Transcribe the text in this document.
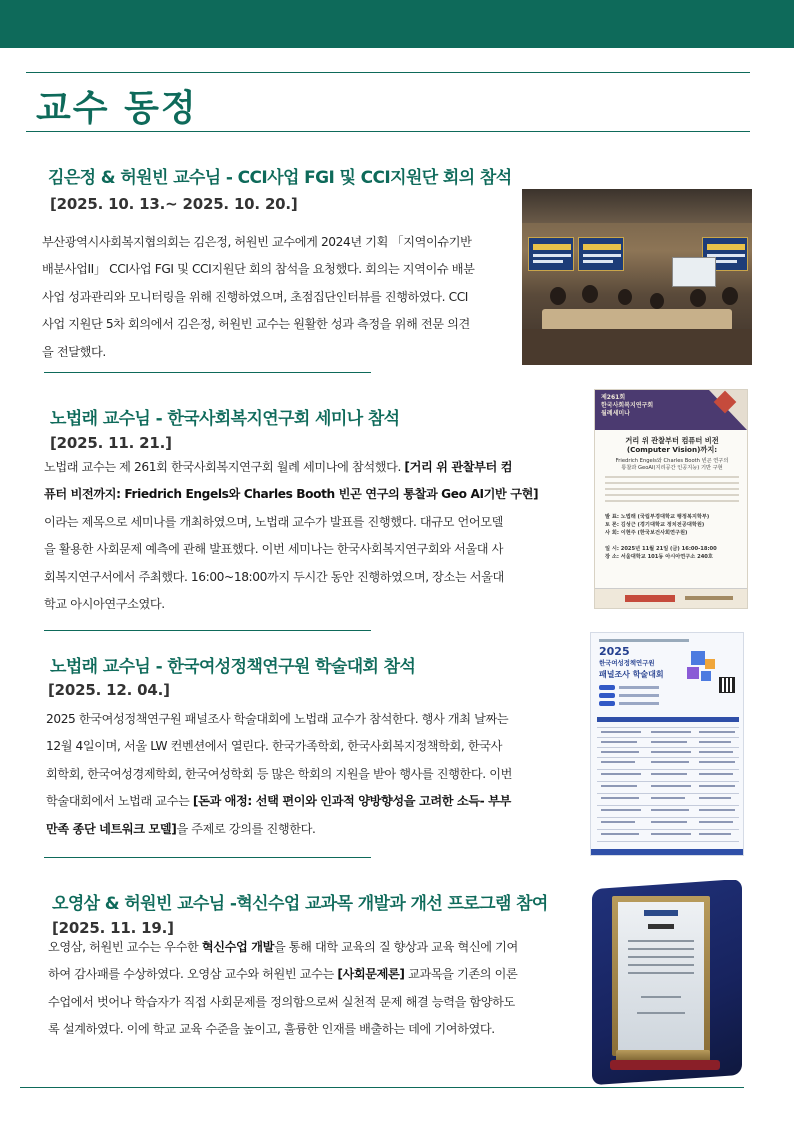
교수 동정
김은정 & 허원빈 교수님 - CCI사업 FGI 및 CCI지원단 회의 참석
[2025. 10. 13.~ 2025. 10. 20.]
부산광역시사회복지협의회는 김은정, 허원빈 교수에게 2024년 기획 「지역이슈기반
배분사업II」 CCI사업 FGI 및 CCI지원단 회의 참석을 요청했다. 회의는 지역이슈 배분
사업 성과관리와 모니터링을 위해 진행하였으며, 초점집단인터뷰를 진행하였다. CCI
사업 지원단 5차 회의에서 김은정, 허원빈 교수는 원활한 성과 측정을 위해 전문 의견
을 전달했다.
노법래 교수님 - 한국사회복지연구회 세미나 참석
[2025. 11. 21.]
노법래 교수는 제 261회 한국사회복지연구회 월례 세미나에 참석했다. [거리 위 관찰부터 컴
퓨터 비전까지: Friedrich Engels와 Charles Booth 빈곤 연구의 통찰과 Geo AI기반 구현]
이라는 제목으로 세미나를 개최하였으며, 노법래 교수가 발표를 진행했다. 대규모 언어모델
을 활용한 사회문제 예측에 관해 발표했다. 이번 세미나는 한국사회복지연구회와 서울대 사
회복지연구서에서 주최했다. 16:00~18:00까지 두시간 동안 진행하였으며, 장소는 서울대
학교 아시아연구소였다.
제261회
한국사회복지연구회
월례세미나
거리 위 관찰부터 컴퓨터 비전
(Computer Vision)까지:
Friedrich Engels와 Charles Booth 빈곤 연구의
통찰과 GeoAI(지리공간 인공지능) 기반 구현
발 표: 노법래 (국립부경대학교 행정복지학부)
토 론: 김성근 (경기대학교 정치전공대학원)
사 회: 이현주 (한국보건사회연구원)
일 시: 2025년 11월 21일 (금) 16:00-18:00
장 소: 서울대학교 101동 아시아연구소 240호
노법래 교수님 - 한국여성정책연구원 학술대회 참석
[2025. 12. 04.]
2025 한국여성정책연구원 패널조사 학술대회에 노법래 교수가 참석한다. 행사 개최 날짜는
12월 4일이며, 서울 LW 컨벤션에서 열린다. 한국가족학회, 한국사회복지정책학회, 한국사
회학회, 한국여성경제학회, 한국여성학회 등 많은 학회의 지원을 받아 행사를 진행한다. 이번
학술대회에서 노법래 교수는 [돈과 애정: 선택 편이와 인과적 양방향성을 고려한 소득- 부부
만족 종단 네트워크 모델]을 주제로 강의를 진행한다.
2025
한국여성정책연구원
패널조사 학술대회
오영삼 & 허원빈 교수님 -혁신수업 교과목 개발과 개선 프로그램 참여
[2025. 11. 19.]
오영삼, 허원빈 교수는 우수한 혁신수업 개발을 통해 대학 교육의 질 향상과 교육 혁신에 기여
하여 감사패를 수상하였다. 오영삼 교수와 허원빈 교수는 [사회문제론] 교과목을 기존의 이론
수업에서 벗어나 학습자가 직접 사회문제를 정의함으로써 실천적 문제 해결 능력을 함양하도
록 설계하였다. 이에 학교 교육 수준을 높이고, 훌륭한 인재를 배출하는 데에 기여하였다.
